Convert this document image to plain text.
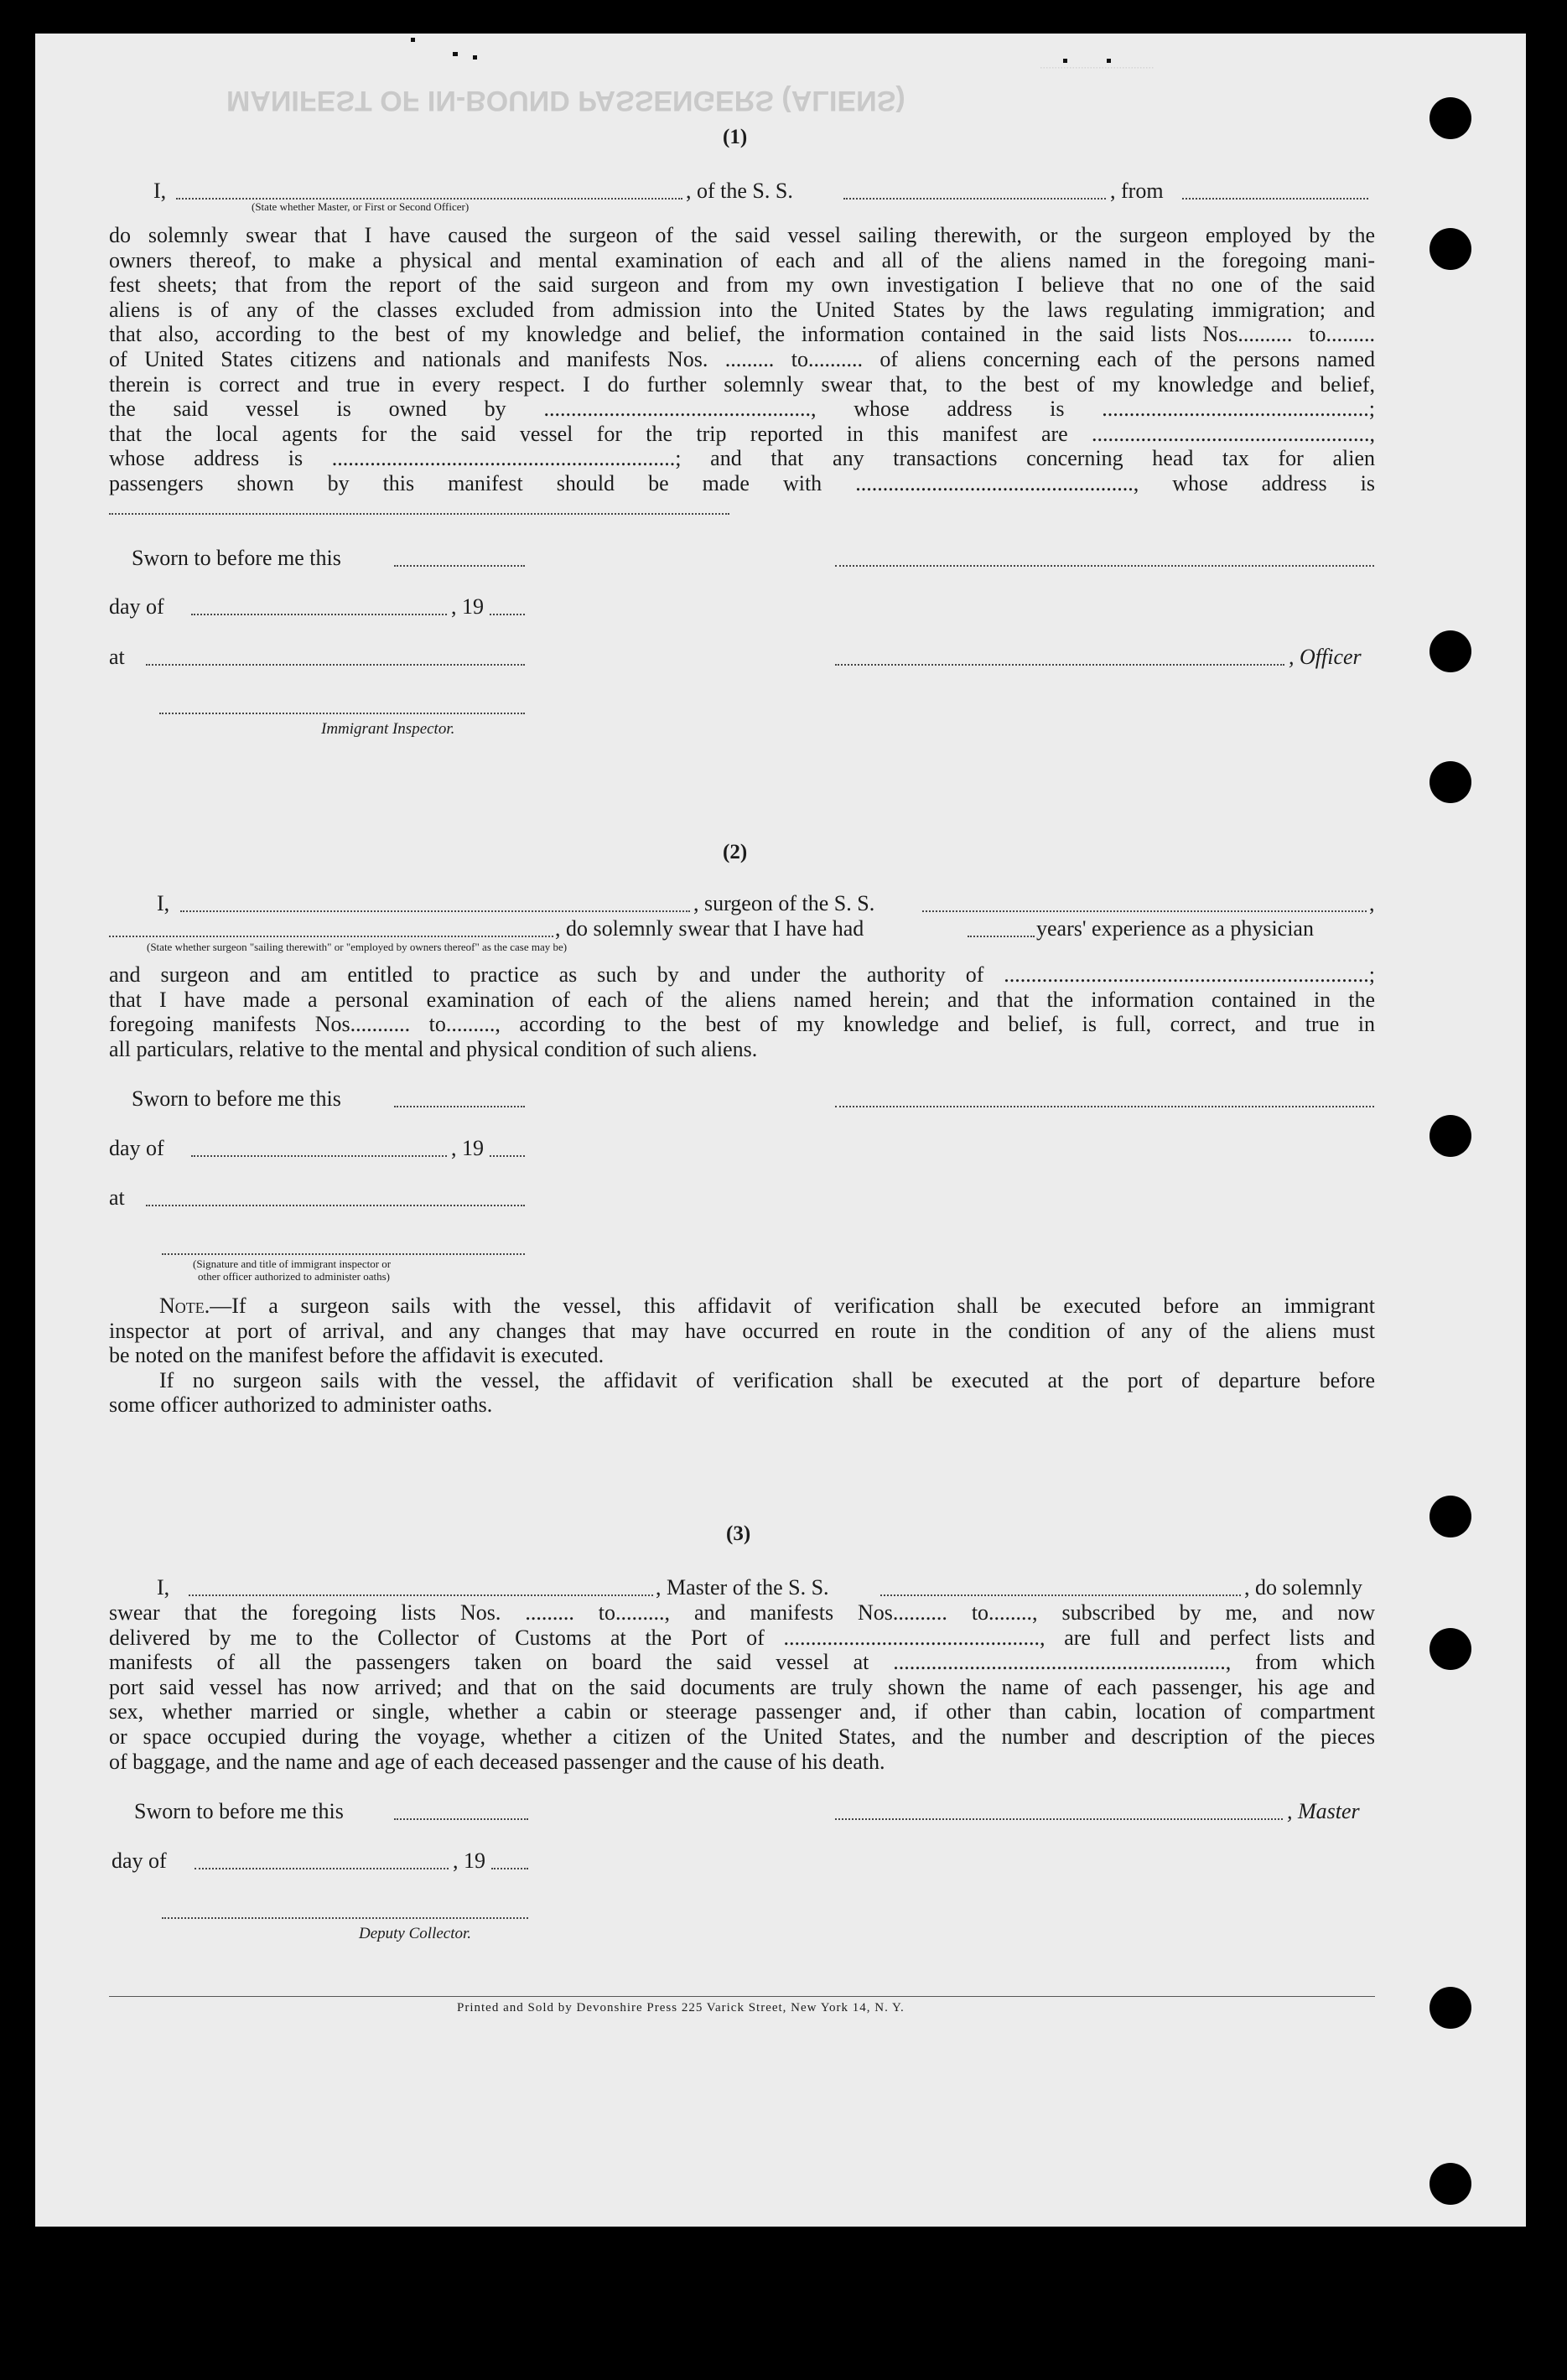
MANIFEST OF IN-BOUND PASSENGERS (ALIENS)
.......................................
(1)
I,	, of the S. S.	, from
(State whether Master, or First or Second Officer)
do solemnly swear that I have caused the surgeon of the said vessel sailing therewith, or the surgeon employed by the
owners thereof, to make a physical and mental examination of each and all of the aliens named in the foregoing mani-
fest sheets; that from the report of the said surgeon and from my own investigation I believe that no one of the said
aliens is of any of the classes excluded from admission into the United States by the laws regulating immigration; and
that also, according to the best of my knowledge and belief, the information contained in the said lists Nos.......... to.........
of United States citizens and nationals and manifests Nos. ......... to.......... of aliens concerning each of the persons named
therein is correct and true in every respect. I do further solemnly swear that, to the best of my knowledge and belief,
the said vessel is owned by ................................................., whose address is .................................................;
that the local agents for the said vessel for the trip reported in this manifest are ...................................................,
whose address is ...............................................................; and that any transactions concerning head tax for alien
passengers shown by this manifest should be made with ..................................................., whose address is
Sworn to before me this
day of	, 19
at	, Officer
Immigrant Inspector.
(2)
I,	, surgeon of the S. S.	,
, do solemnly swear that I have had	years' experience as a physician
(State whether surgeon "sailing therewith" or "employed by owners thereof" as the case may be)
and surgeon and am entitled to practice as such by and under the authority of ...................................................................;
that I have made a personal examination of each of the aliens named herein; and that the information contained in the
foregoing manifests Nos........... to........., according to the best of my knowledge and belief, is full, correct, and true in
all particulars, relative to the mental and physical condition of such aliens.
Sworn to before me this
day of	, 19
at
(Signature and title of immigrant inspector or
other officer authorized to administer oaths)
Note.—If a surgeon sails with the vessel, this affidavit of verification shall be executed before an immigrant
inspector at port of arrival, and any changes that may have occurred en route in the condition of any of the aliens must
be noted on the manifest before the affidavit is executed.
If no surgeon sails with the vessel, the affidavit of verification shall be executed at the port of departure before
some officer authorized to administer oaths.
(3)
I,	, Master of the S. S.	, do solemnly
swear that the foregoing lists Nos. ......... to........., and manifests Nos.......... to........, subscribed by me, and now
delivered by me to the Collector of Customs at the Port of ..............................................., are full and perfect lists and
manifests of all the passengers taken on board the said vessel at ............................................................., from which
port said vessel has now arrived; and that on the said documents are truly shown the name of each passenger, his age and
sex, whether married or single, whether a cabin or steerage passenger and, if other than cabin, location of compartment
or space occupied during the voyage, whether a citizen of the United States, and the number and description of the pieces
of baggage, and the name and age of each deceased passenger and the cause of his death.
Sworn to before me this	, Master
day of	, 19
Deputy Collector.
Printed and Sold by Devonshire Press 225 Varick Street, New York 14, N. Y.
